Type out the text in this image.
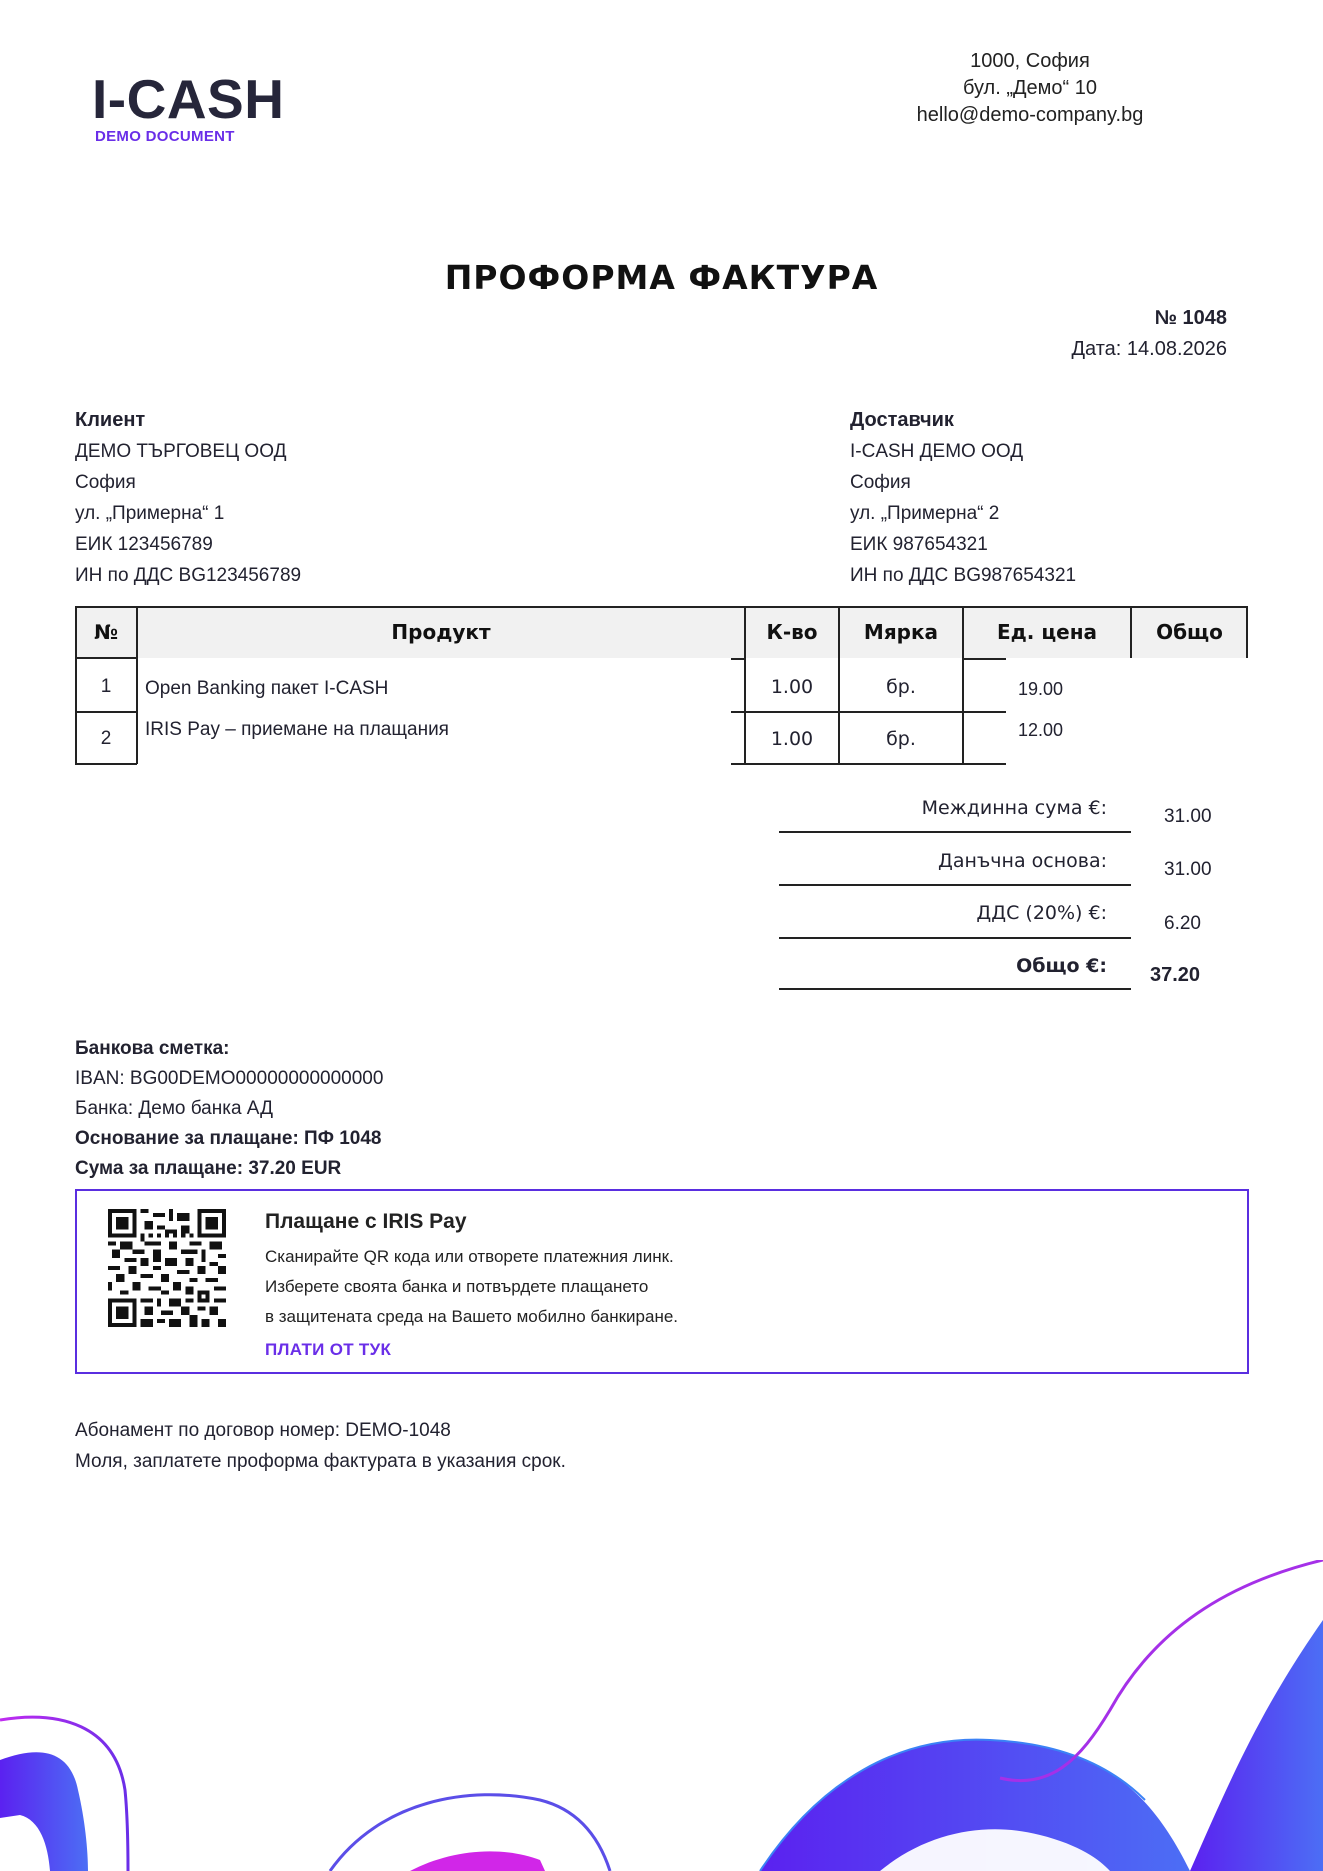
I-CASH
DEMO DOCUMENT
1000, София
бул. „Демо“ 10
hello@demo-company.bg
ПРОФОРМА ФАКТУРА
№ 1048
Дата: 14.08.2026
Клиент
ДЕМО ТЪРГОВЕЦ ООД
София
ул. „Примерна“ 1
ЕИК 123456789
ИН по ДДС BG123456789
Доставчик
I-CASH ДЕМО ООД
София
ул. „Примерна“ 2
ЕИК 987654321
ИН по ДДС BG987654321
№	Продукт	К-во	Мярка	Ед. цена	Общо
1	Open Banking пакет I-CASH	1.00	бр.	19.00
2	IRIS Pay – приемане на плащания	1.00	бр.	12.00
Междинна сума €:	31.00
Данъчна основа:	31.00
ДДС (20%) €:	6.20
Общо €: 37.20
Банкова сметка:
IBAN: BG00DEMO00000000000000
Банка: Демо банка АД
Основание за плащане: ПФ 1048
Сума за плащане: 37.20 EUR
Плащане с IRIS Pay
Сканирайте QR кода или отворете платежния линк.
Изберете своята банка и потвърдете плащането
в защитената среда на Вашето мобилно банкиране.
ПЛАТИ ОТ ТУК
Абонамент по договор номер: DEMO-1048
Моля, заплатете проформа фактурата в указания срок.
